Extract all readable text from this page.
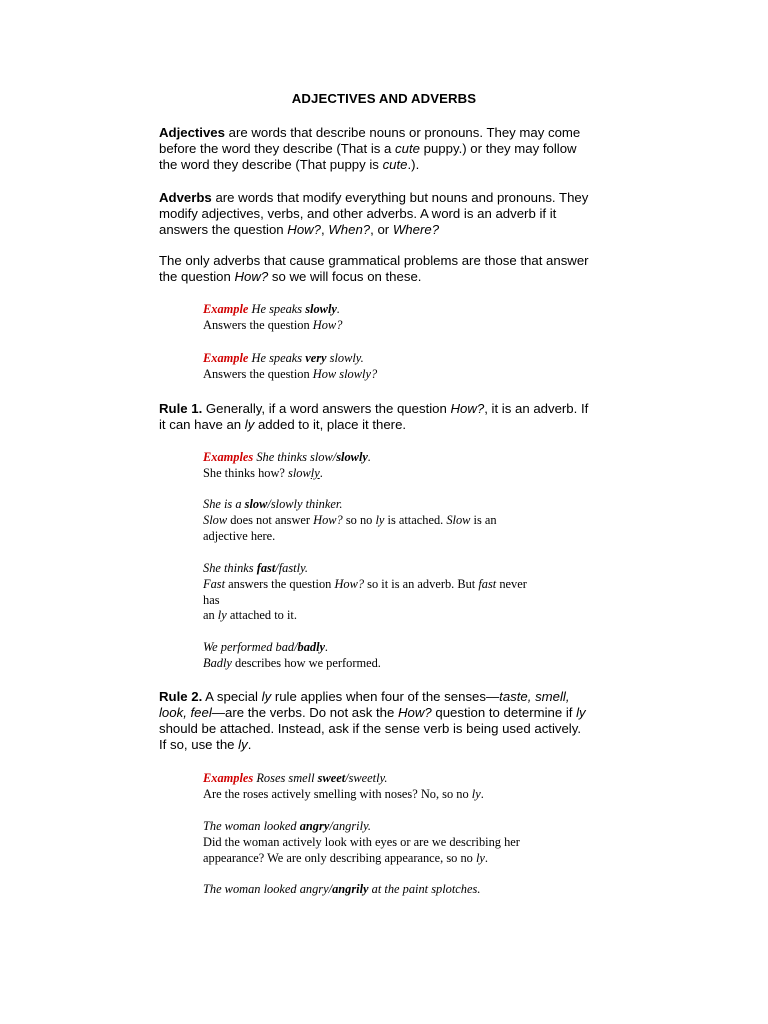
ADJECTIVES AND ADVERBS

Adjectives are words that describe nouns or pronouns. They may come
before the word they describe (That is a cute puppy.) or they may follow
the word they describe (That puppy is cute.).

Adverbs are words that modify everything but nouns and pronouns. They
modify adjectives, verbs, and other adverbs. A word is an adverb if it
answers the question How?, When?, or Where?

The only adverbs that cause grammatical problems are those that answer
the question How? so we will focus on these.

Example He speaks slowly.
Answers the question How?

Example He speaks very slowly.
Answers the question How slowly?

Rule 1. Generally, if a word answers the question How?, it is an adverb. If
it can have an ly added to it, place it there.

Examples She thinks slow/slowly.
She thinks how? slowly.

She is a slow/slowly thinker.
Slow does not answer How? so no ly is attached. Slow is an
adjective here.

She thinks fast/fastly.
Fast answers the question How? so it is an adverb. But fast never
has
an ly attached to it.

We performed bad/badly.
Badly describes how we performed.

Rule 2. A special ly rule applies when four of the senses—taste, smell,
look, feel—are the verbs. Do not ask the How? question to determine if ly
should be attached. Instead, ask if the sense verb is being used actively.
If so, use the ly.

Examples Roses smell sweet/sweetly.
Are the roses actively smelling with noses? No, so no ly.

The woman looked angry/angrily.
Did the woman actively look with eyes or are we describing her
appearance? We are only describing appearance, so no ly.

The woman looked angry/angrily at the paint splotches.
